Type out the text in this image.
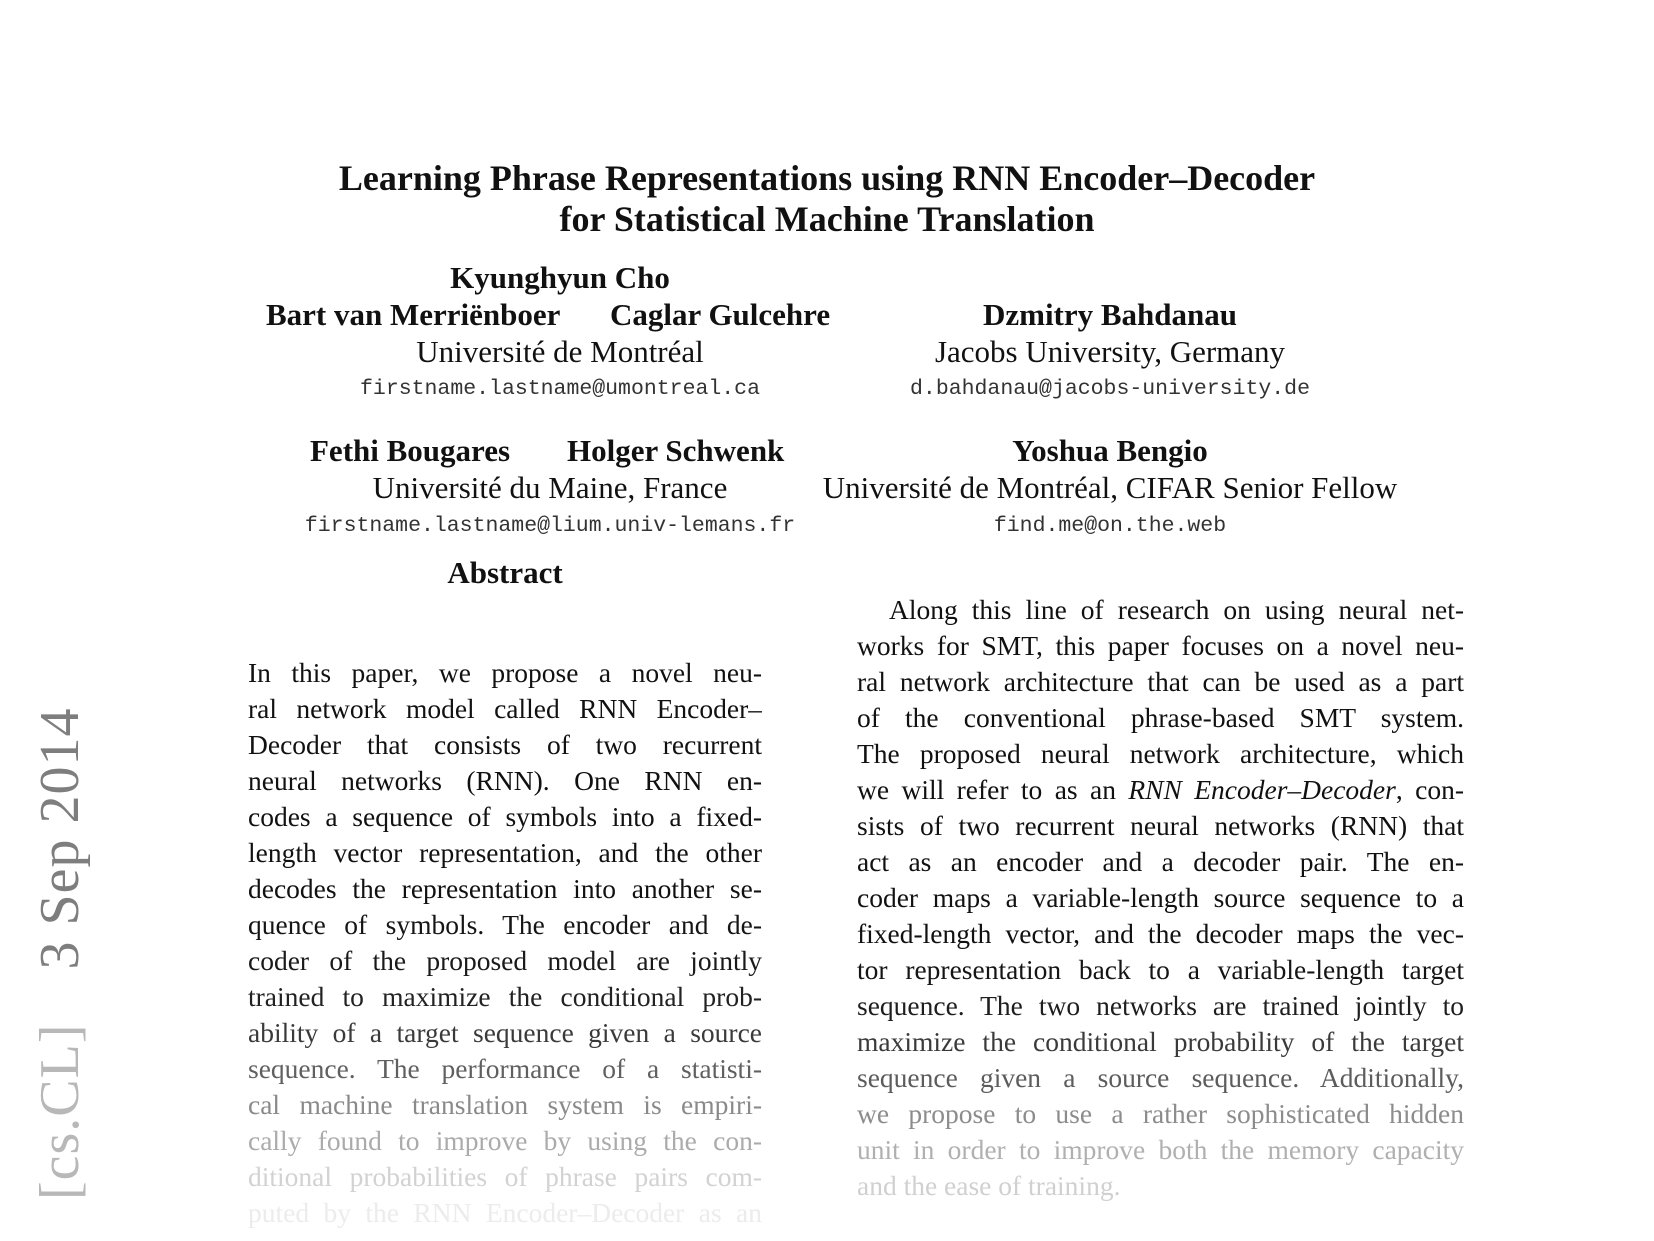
[cs.CL]  3 Sep 2014
Learning Phrase Representations using RNN Encoder–Decoder
for Statistical Machine Translation
Kyunghyun Cho
Bart van Merriënboer	Caglar Gulcehre
Université de Montréal
firstname.lastname@umontreal.ca
Dzmitry Bahdanau
Jacobs University, Germany
d.bahdanau@jacobs-university.de
Fethi Bougares	Holger Schwenk
Université du Maine, France
firstname.lastname@lium.univ-lemans.fr
Yoshua Bengio
Université de Montréal, CIFAR Senior Fellow
find.me@on.the.web
Abstract
In this paper, we propose a novel neu-
ral network model called RNN Encoder–
Decoder that consists of two recurrent
neural networks (RNN). One RNN en-
codes a sequence of symbols into a fixed-
length vector representation, and the other
decodes the representation into another se-
quence of symbols. The encoder and de-
coder of the proposed model are jointly
trained to maximize the conditional prob-
ability of a target sequence given a source
sequence. The performance of a statisti-
cal machine translation system is empiri-
cally found to improve by using the con-
ditional probabilities of phrase pairs com-
puted by the RNN Encoder–Decoder as an
Along this line of research on using neural net-
works for SMT, this paper focuses on a novel neu-
ral network architecture that can be used as a part
of the conventional phrase-based SMT system.
The proposed neural network architecture, which
we will refer to as an RNN Encoder–Decoder, con-
sists of two recurrent neural networks (RNN) that
act as an encoder and a decoder pair. The en-
coder maps a variable-length source sequence to a
fixed-length vector, and the decoder maps the vec-
tor representation back to a variable-length target
sequence. The two networks are trained jointly to
maximize the conditional probability of the target
sequence given a source sequence. Additionally,
we propose to use a rather sophisticated hidden
unit in order to improve both the memory capacity
and the ease of training.
